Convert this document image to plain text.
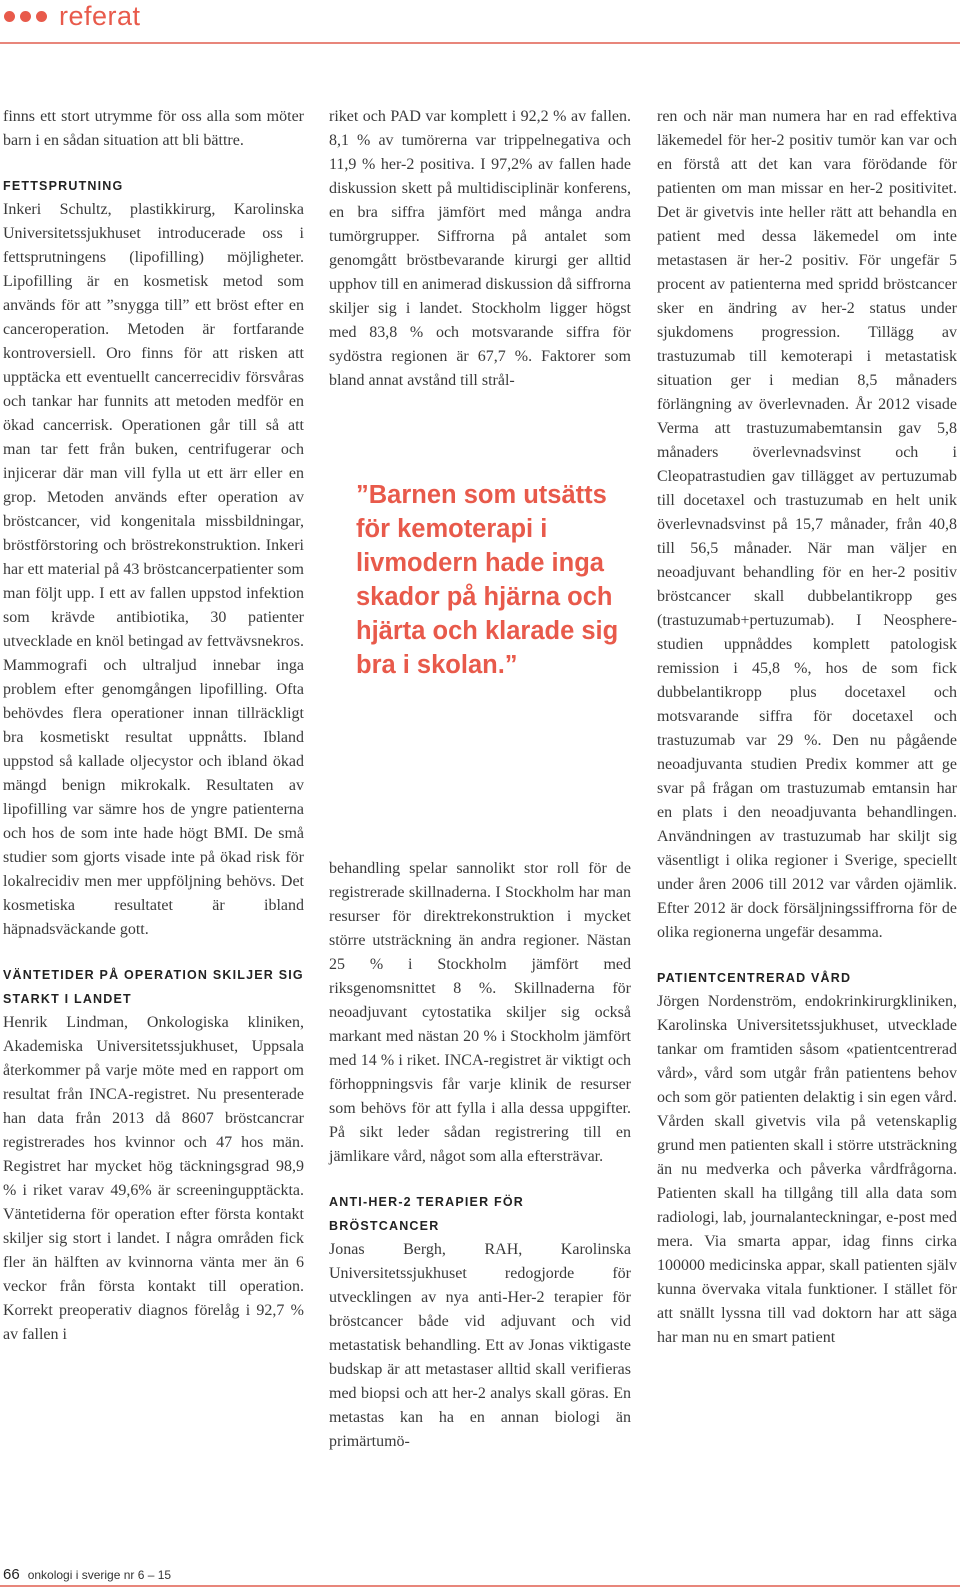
referat

finns ett stort utrymme för oss alla som möter barn i en sådan situation att bli bättre.

FETTSPRUTNING

Inkeri Schultz, plastikkirurg, Karolinska Universitetssjukhuset introducerade oss i fettsprutningens (lipofilling) möjligheter. Lipofilling är en kosmetisk metod som används för att ”snygga till” ett bröst efter en canceroperation. Metoden är fortfarande kontroversiell. Oro finns för att risken att upptäcka ett eventuellt cancerrecidiv försvåras och tankar har funnits att metoden medför en ökad cancerrisk. Operationen går till så att man tar fett från buken, centrifugerar och injicerar där man vill fylla ut ett ärr eller en grop. Metoden används efter operation av bröstcancer, vid kongenitala missbildningar, bröstförstoring och bröstrekonstruktion. Inkeri har ett material på 43 bröstcancerpatienter som man följt upp. I ett av fallen uppstod infektion som krävde antibiotika, 30 patienter utvecklade en knöl betingad av fettvävsnekros. Mammografi och ultraljud innebar inga problem efter genomgången lipofilling. Ofta behövdes flera operationer innan tillräckligt bra kosmetiskt resultat uppnåtts. Ibland uppstod så kallade oljecystor och ibland ökad mängd benign mikrokalk. Resultaten av lipofilling var sämre hos de yngre patienterna och hos de som inte hade högt BMI. De små studier som gjorts visade inte på ökad risk för lokalrecidiv men mer uppföljning behövs. Det kosmetiska resultatet är ibland häpnadsväckande gott.

VÄNTETIDER PÅ OPERATION SKILJER SIG STARKT I LANDET

Henrik Lindman, Onkologiska kliniken, Akademiska Universitetssjukhuset, Uppsala återkommer på varje möte med en rapport om resultat från INCA-registret. Nu presenterade han data från 2013 då 8607 bröstcancrar registrerades hos kvinnor och 47 hos män. Registret har mycket hög täckningsgrad 98,9 % i riket varav 49,6% är screeningupptäckta. Väntetiderna för operation efter första kontakt skiljer sig stort i landet. I några områden fick fler än hälften av kvinnorna vänta mer än 6 veckor från första kontakt till operation. Korrekt preoperativ diagnos förelåg i 92,7 % av fallen i

riket och PAD var komplett i 92,2 % av fallen. 8,1 % av tumörerna var trippelnegativa och 11,9 % her-2 positiva. I 97,2% av fallen hade diskussion skett på multidisciplinär konferens, en bra siffra jämfört med många andra tumörgrupper. Siffrorna på antalet som genomgått bröstbevarande kirurgi ger alltid upphov till en animerad diskussion då siffrorna skiljer sig i landet. Stockholm ligger högst med 83,8 % och motsvarande siffra för sydöstra regionen är 67,7 %. Faktorer som bland annat avstånd till strål-

”Barnen som utsätts för kemoterapi i livmodern hade inga skador på hjärna och hjärta och klarade sig bra i skolan.”

behandling spelar sannolikt stor roll för de registrerade skillnaderna. I Stockholm har man resurser för direktrekonstruktion i mycket större utsträckning än andra regioner. Nästan 25 % i Stockholm jämfört med riksgenomsnittet 8 %. Skillnaderna för neoadjuvant cytostatika skiljer sig också markant med nästan 20 % i Stockholm jämfört med 14 % i riket. INCA-registret är viktigt och förhoppningsvis får varje klinik de resurser som behövs för att fylla i alla dessa uppgifter. På sikt leder sådan registrering till en jämlikare vård, något som alla eftersträvar.

ANTI-HER-2 TERAPIER FÖR BRÖSTCANCER

Jonas Bergh, RAH, Karolinska Universitetssjukhuset redogjorde för utvecklingen av nya anti-Her-2 terapier för bröstcancer både vid adjuvant och vid metastatisk behandling. Ett av Jonas viktigaste budskap är att metastaser alltid skall verifieras med biopsi och att her-2 analys skall göras. En metastas kan ha en annan biologi än primärtumö-

ren och när man numera har en rad effektiva läkemedel för her-2 positiv tumör kan var och en förstå att det kan vara förödande för patienten om man missar en her-2 positivitet. Det är givetvis inte heller rätt att behandla en patient med dessa läkemedel om inte metastasen är her-2 positiv. För ungefär 5 procent av patienterna med spridd bröstcancer sker en ändring av her-2 status under sjukdomens progression. Tillägg av trastuzumab till kemoterapi i metastatisk situation ger i median 8,5 månaders förlängning av överlevnaden. År 2012 visade Verma att trastuzumabemtansin gav 5,8 månaders överlevnadsvinst och i Cleopatrastudien gav tillägget av pertuzumab till docetaxel och trastuzumab en helt unik överlevnadsvinst på 15,7 månader, från 40,8 till 56,5 månader. När man väljer en neoadjuvant behandling för en her-2 positiv bröstcancer skall dubbelantikropp ges (trastuzumab+pertuzumab). I Neosphere-studien uppnåddes komplett patologisk remission i 45,8 %, hos de som fick dubbelantikropp plus docetaxel och motsvarande siffra för docetaxel och trastuzumab var 29 %. Den nu pågående neoadjuvanta studien Predix kommer att ge svar på frågan om trastuzumab emtansin har en plats i den neoadjuvanta behandlingen. Användningen av trastuzumab har skiljt sig väsentligt i olika regioner i Sverige, speciellt under åren 2006 till 2012 var vården ojämlik. Efter 2012 är dock försäljningssiffrorna för de olika regionerna ungefär desamma.

PATIENTCENTRERAD VÅRD

Jörgen Nordenström, endokrinkirurgkliniken, Karolinska Universitetssjukhuset, utvecklade tankar om framtiden såsom «patientcentrerad vård», vård som utgår från patientens behov och som gör patienten delaktig i sin egen vård. Vården skall givetvis vila på vetenskaplig grund men patienten skall i större utsträckning än nu medverka och påverka vårdfrågorna. Patienten skall ha tillgång till alla data som radiologi, lab, journalanteckningar, e-post med mera. Via smarta appar, idag finns cirka 100000 medicinska appar, skall patienten själv kunna övervaka vitala funktioner. I stället för att snällt lyssna till vad doktorn har att säga har man nu en smart patient

66 onkologi i sverige nr 6 – 15
